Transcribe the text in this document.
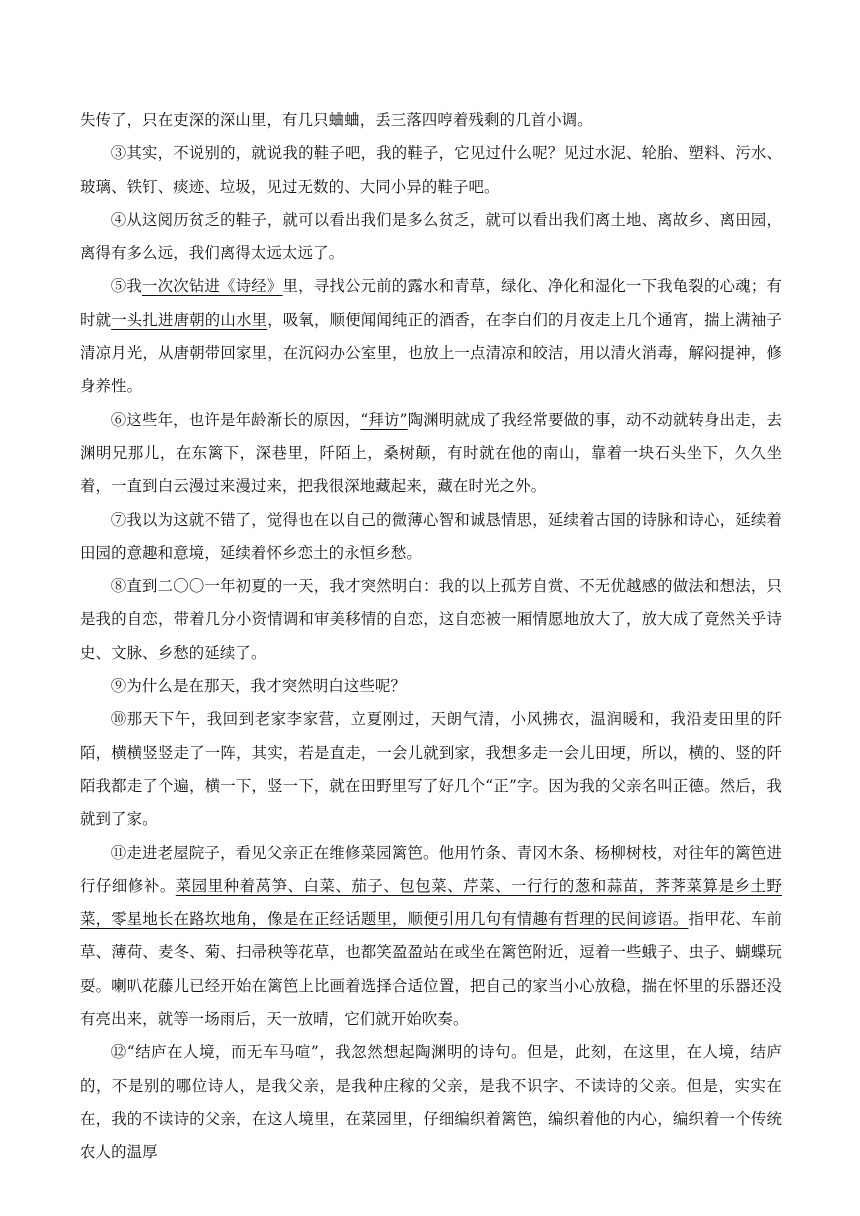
失传了，只在吏深的深山里，有几只蛐蛐，丢三落四哼着残剩的几首小调。

③其实，不说别的，就说我的鞋子吧，我的鞋子，它见过什么呢？见过水泥、轮胎、塑料、污水、玻璃、铁钉、痰迹、垃圾，见过无数的、大同小异的鞋子吧。

④从这阅历贫乏的鞋子，就可以看出我们是多么贫乏，就可以看出我们离土地、离故乡、离田园，离得有多么远，我们离得太远太远了。

⑤我一次次钻进《诗经》里，寻找公元前的露水和青草，绿化、净化和湿化一下我龟裂的心魂；有时就一头扎进唐朝的山水里，吸氧，顺便闻闻纯正的酒香，在李白们的月夜走上几个通宵，揣上满袖子清凉月光，从唐朝带回家里，在沉闷办公室里，也放上一点清凉和皎洁，用以清火消毒，解闷提神，修身养性。

⑥这些年，也许是年龄渐长的原因，“拜访”陶渊明就成了我经常要做的事，动不动就转身出走，去渊明兄那儿，在东篱下，深巷里，阡陌上，桑树颠，有时就在他的南山，靠着一块石头坐下，久久坐着，一直到白云漫过来漫过来，把我很深地藏起来，藏在时光之外。

⑦我以为这就不错了，觉得也在以自己的微薄心智和诚恳情思，延续着古国的诗脉和诗心，延续着田园的意趣和意境，延续着怀乡恋土的永恒乡愁。

⑧直到二〇〇一年初夏的一天，我才突然明白：我的以上孤芳自赏、不无优越感的做法和想法，只是我的自恋，带着几分小资情调和审美移情的自恋，这自恋被一厢情愿地放大了，放大成了竟然关乎诗史、文脉、乡愁的延续了。

⑨为什么是在那天，我才突然明白这些呢？

⑩那天下午，我回到老家李家营，立夏刚过，天朗气清，小风拂衣，温润暖和，我沿麦田里的阡陌，横横竖竖走了一阵，其实，若是直走，一会儿就到家，我想多走一会儿田埂，所以，横的、竖的阡陌我都走了个遍，横一下，竖一下，就在田野里写了好几个“正”字。因为我的父亲名叫正德。然后，我就到了家。

⑪走进老屋院子，看见父亲正在维修菜园篱笆。他用竹条、青冈木条、杨柳树枝，对往年的篱笆进行仔细修补。菜园里种着莴笋、白菜、茄子、包包菜、芹菜、一行行的葱和蒜苗，荠荠菜算是乡土野菜，零星地长在路坎地角，像是在正经话题里，顺便引用几句有情趣有哲理的民间谚语。指甲花、车前草、薄荷、麦冬、菊、扫帚秧等花草，也都笑盈盈站在或坐在篱笆附近，逗着一些蛾子、虫子、蝴蝶玩耍。喇叭花藤儿已经开始在篱笆上比画着选择合适位置，把自己的家当小心放稳，揣在怀里的乐器还没有亮出来，就等一场雨后，天一放晴，它们就开始吹奏。

⑫“结庐在人境，而无车马喧”，我忽然想起陶渊明的诗句。但是，此刻，在这里，在人境，结庐的，不是别的哪位诗人，是我父亲，是我种庄稼的父亲，是我不识字、不读诗的父亲。但是，实实在在，我的不读诗的父亲，在这人境里，在菜园里，仔细编织着篱笆，编织着他的内心，编织着一个传统农人的温厚
